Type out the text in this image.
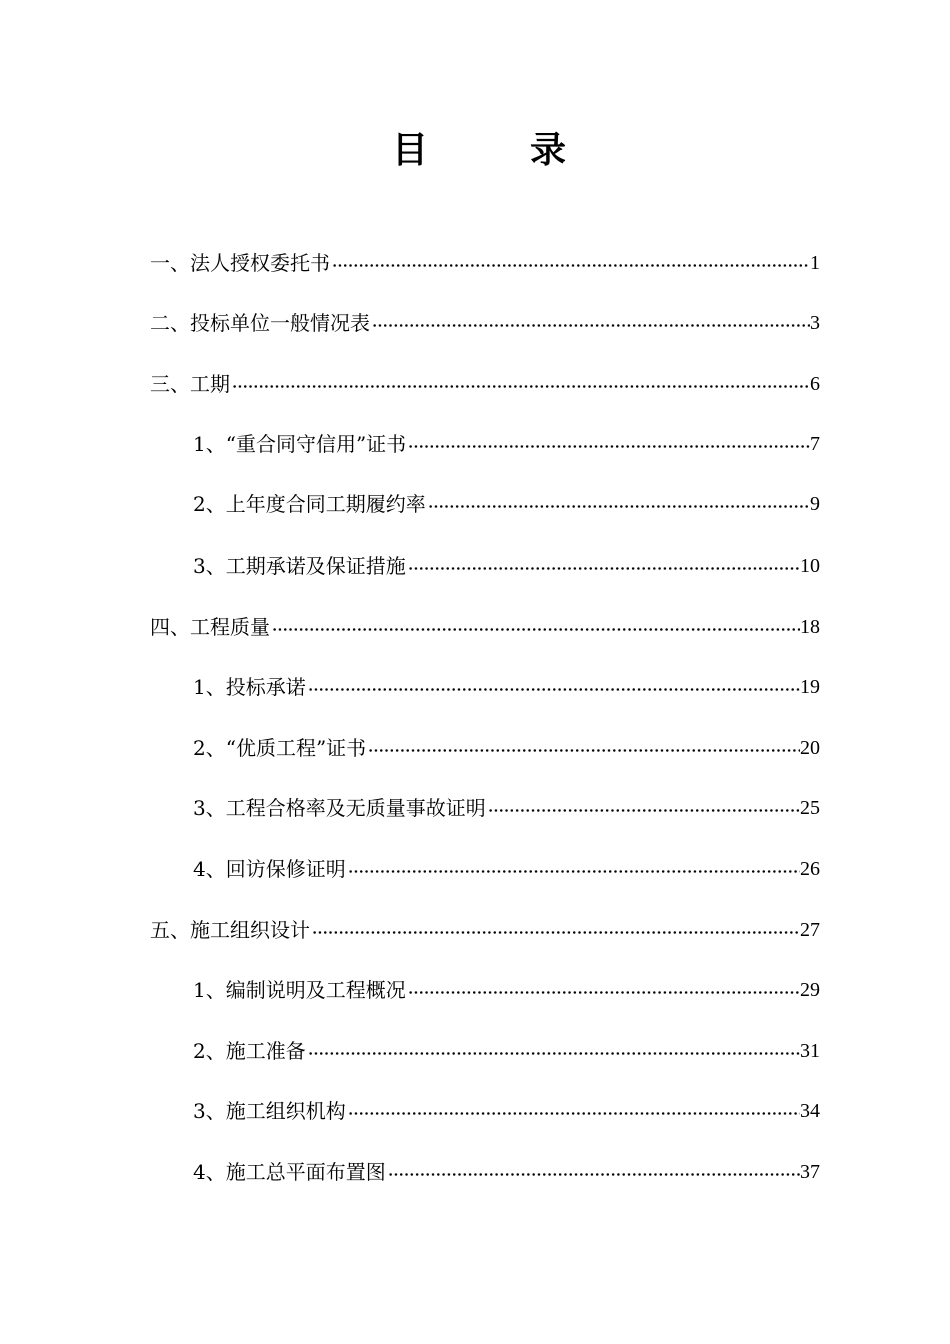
目	录
一、法人授权委托书	1
二、投标单位一般情况表	3
三、工期	6
1、“重合同守信用”证书	7
2、上年度合同工期履约率	9
3、工期承诺及保证措施	10
四、工程质量	18
1、投标承诺	19
2、“优质工程”证书	20
3、工程合格率及无质量事故证明	25
4、回访保修证明	26
五、施工组织设计	27
1、编制说明及工程概况	29
2、施工准备	31
3、施工组织机构	34
4、施工总平面布置图	37
